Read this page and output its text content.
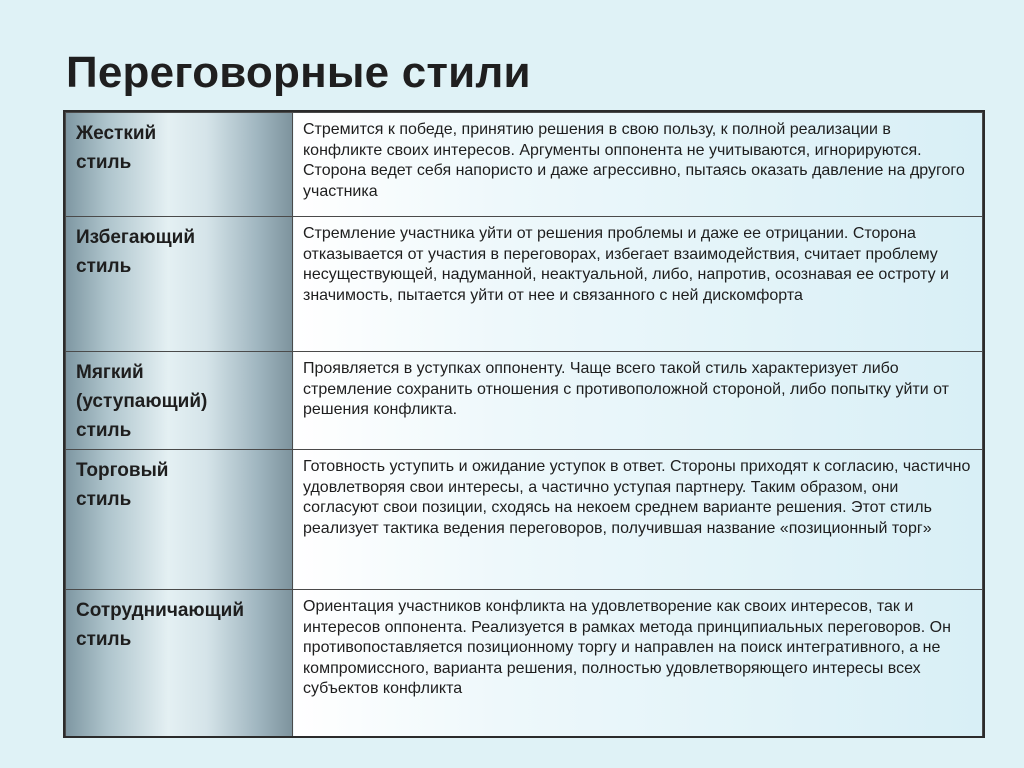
Переговорные стили
Жесткий
стиль	Стремится к победе, принятию решения в свою пользу, к полной реализации в конфликте своих интересов. Аргументы оппонента не учитываются, игнорируются. Сторона ведет себя напористо и даже агрессивно, пытаясь оказать давление на другого участника

Избегающий
стиль	Стремление участника уйти от решения проблемы и даже ее отрицании. Сторона отказывается от участия в переговорах, избегает взаимодействия, считает проблему несуществующей, надуманной, неактуальной, либо, напротив, осознавая ее остроту и значимость, пытается уйти от нее и связанного с ней дискомфорта

Мягкий
(уступающий)
стиль	Проявляется в уступках оппоненту. Чаще всего такой стиль характеризует либо стремление сохранить отношения с противоположной стороной, либо попытку уйти от решения конфликта.

Торговый
стиль	Готовность уступить и ожидание уступок в ответ. Стороны приходят к согласию, частично удовлетворяя свои интересы, а частично уступая партнеру. Таким образом, они согласуют свои позиции, сходясь на некоем среднем варианте решения. Этот стиль реализует тактика ведения переговоров, получившая название «позиционный торг»

Сотрудничающий
стиль	Ориентация участников конфликта на удовлетворение как своих интересов, так и интересов оппонента. Реализуется в рамках метода принципиальных переговоров. Он противопоставляется позиционному торгу и направлен на поиск интегративного, а не компромиссного, варианта решения, полностью удовлетворяющего интересы всех субъектов конфликта
